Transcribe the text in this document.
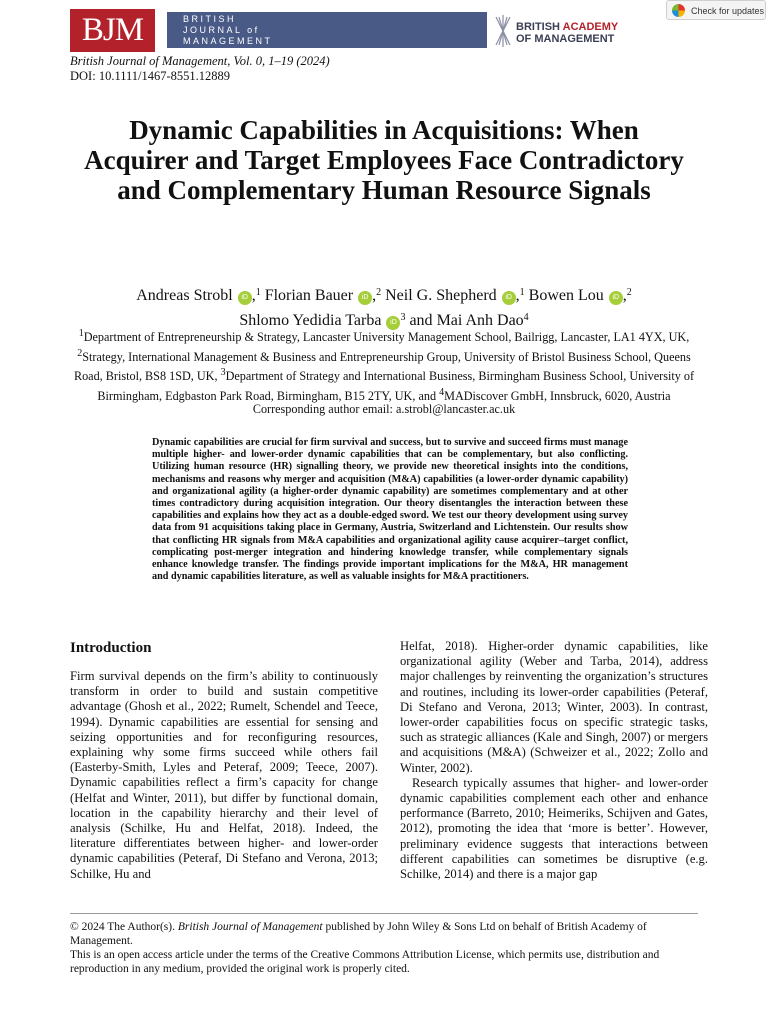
BJM	BRITISH
JOURNAL of
MANAGEMENT
BRITISH ACADEMY
OF MANAGEMENT
Check for updates
British Journal of Management, Vol. 0, 1–19 (2024)
DOI: 10.1111/1467-8551.12889
Dynamic Capabilities in Acquisitions: When Acquirer and Target Employees Face Contradictory and Complementary Human Resource Signals
Andreas Strobl iD ,$^1$ Florian Bauer iD ,$^2$ Neil G. Shepherd iD ,$^1$ Bowen Lou iD ,$^2$
Shlomo Yedidia Tarba iD $^3$ and Mai Anh Dao$^4$
$^1$Department of Entrepreneurship & Strategy, Lancaster University Management School, Bailrigg, Lancaster, LA1 4YX, UK, $^2$Strategy, International Management & Business and Entrepreneurship Group, University of Bristol Business School, Queens Road, Bristol, BS8 1SD, UK, $^3$Department of Strategy and International Business, Birmingham Business School, University of Birmingham, Edgbaston Park Road, Birmingham, B15 2TY, UK, and $^4$MADiscover GmbH, Innsbruck, 6020, Austria
Corresponding author email: a.strobl@lancaster.ac.uk

Dynamic capabilities are crucial for firm survival and success, but to survive and succeed firms must manage multiple higher- and lower-order dynamic capabilities that can be complementary, but also conflicting. Utilizing human resource (HR) signalling theory, we provide new theoretical insights into the conditions, mechanisms and reasons why merger and acquisition (M&A) capabilities (a lower-order dynamic capability) and organizational agility (a higher-order dynamic capability) are sometimes complementary and at other times contradictory during acquisition integration. Our theory disentangles the interaction between these capabilities and explains how they act as a double-edged sword. We test our theory development using survey data from 91 acquisitions taking place in Germany, Austria, Switzerland and Lichtenstein. Our results show that conflicting HR signals from M&A capabilities and organizational agility cause acquirer–target conflict, complicating post-merger integration and hindering knowledge transfer, while complementary signals enhance knowledge transfer. The findings provide important implications for the M&A, HR management and dynamic capabilities literature, as well as valuable insights for M&A practitioners.

Introduction

Firm survival depends on the firm’s ability to continuously transform in order to build and sustain competitive advantage (Ghosh et al., 2022; Rumelt, Schendel and Teece, 1994). Dynamic capabilities are essential for sensing and seizing opportunities and for reconfiguring resources, explaining why some firms succeed while others fail (Easterby-Smith, Lyles and Peteraf, 2009; Teece, 2007). Dynamic capabilities reflect a firm’s capacity for change (Helfat and Winter, 2011), but differ by functional domain, location in the capability hierarchy and their level of analysis (Schilke, Hu and Helfat, 2018). Indeed, the literature differentiates between higher- and lower-order dynamic capabilities (Peteraf, Di Stefano and Verona, 2013; Schilke, Hu and

Helfat, 2018). Higher-order dynamic capabilities, like organizational agility (Weber and Tarba, 2014), address major challenges by reinventing the organization’s structures and routines, including its lower-order capabilities (Peteraf, Di Stefano and Verona, 2013; Winter, 2003). In contrast, lower-order capabilities focus on specific strategic tasks, such as strategic alliances (Kale and Singh, 2007) or mergers and acquisitions (M&A) (Schweizer et al., 2022; Zollo and Winter, 2002).

Research typically assumes that higher- and lower-order dynamic capabilities complement each other and enhance performance (Barreto, 2010; Heimeriks, Schijven and Gates, 2012), promoting the idea that ‘more is better’. However, preliminary evidence suggests that interactions between different capabilities can sometimes be disruptive (e.g. Schilke, 2014) and there is a major gap

© 2024 The Author(s). British Journal of Management published by John Wiley & Sons Ltd on behalf of British Academy of Management.

This is an open access article under the terms of the Creative Commons Attribution License, which permits use, distribution and reproduction in any medium, provided the original work is properly cited.
